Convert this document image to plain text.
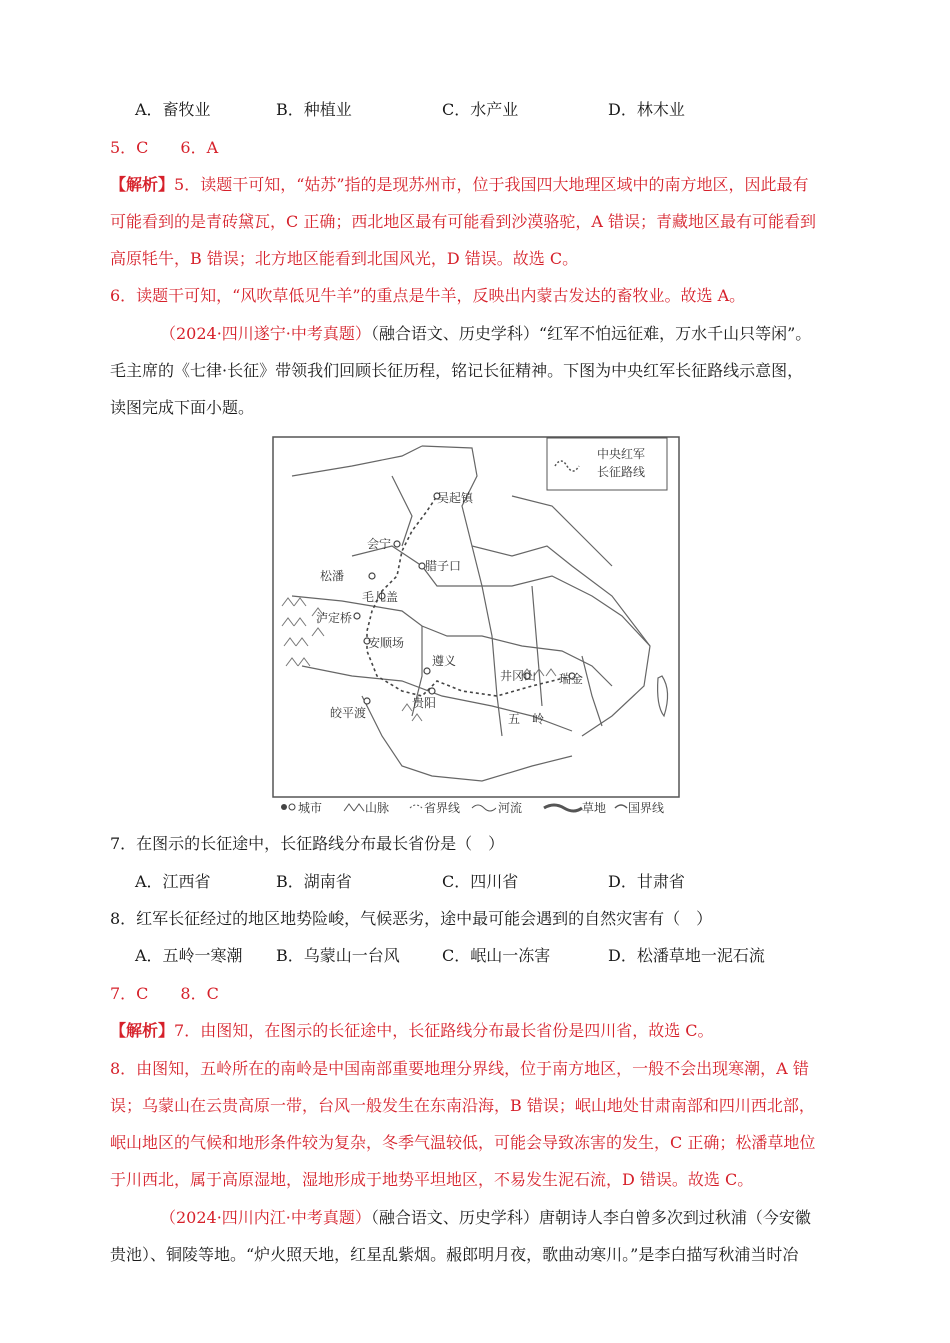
A．畜牧业	B．种植业	C．水产业	D．林木业
5．C　　6．A
【解析】5．读题干可知，“姑苏”指的是现苏州市，位于我国四大地理区域中的南方地区，因此最有
可能看到的是青砖黛瓦，C 正确；西北地区最有可能看到沙漠骆驼，A 错误；青藏地区最有可能看到
高原牦牛，B 错误；北方地区能看到北国风光，D 错误。故选 C。
6．读题干可知，“风吹草低见牛羊”的重点是牛羊，反映出内蒙古发达的畜牧业。故选 A。
（2024·四川遂宁·中考真题）（融合语文、历史学科）“红军不怕远征难，万水千山只等闲”。
毛主席的《七律·长征》带领我们回顾长征历程，铭记长征精神。下图为中央红军长征路线示意图，
读图完成下面小题。
中央红军
长征路线
吴起镇
会宁
腊子口
松潘
毛儿盖
泸定桥
安顺场
遵义
井冈山 瑞金
贵阳
皎平渡	五　岭
城市	山脉	省界线	河流	草地 国界线
7．在图示的长征途中，长征路线分布最长省份是（　）
A．江西省	B．湖南省	C．四川省	D．甘肃省
8．红军长征经过的地区地势险峻，气候恶劣，途中最可能会遇到的自然灾害有（　）
A．五岭一寒潮 B．乌蒙山一台风	C．岷山一冻害	D．松潘草地一泥石流
7．C　　8．C
【解析】7．由图知，在图示的长征途中，长征路线分布最长省份是四川省，故选 C。
8．由图知，五岭所在的南岭是中国南部重要地理分界线，位于南方地区，一般不会出现寒潮，A 错
误；乌蒙山在云贵高原一带，台风一般发生在东南沿海，B 错误；岷山地处甘肃南部和四川西北部，
岷山地区的气候和地形条件较为复杂，冬季气温较低，可能会导致冻害的发生，C 正确；松潘草地位
于川西北，属于高原湿地，湿地形成于地势平坦地区，不易发生泥石流，D 错误。故选 C。
（2024·四川内江·中考真题）（融合语文、历史学科）唐朝诗人李白曾多次到过秋浦（今安徽
贵池）、铜陵等地。“炉火照天地，红星乱紫烟。赧郎明月夜，歌曲动寒川。”是李白描写秋浦当时冶
